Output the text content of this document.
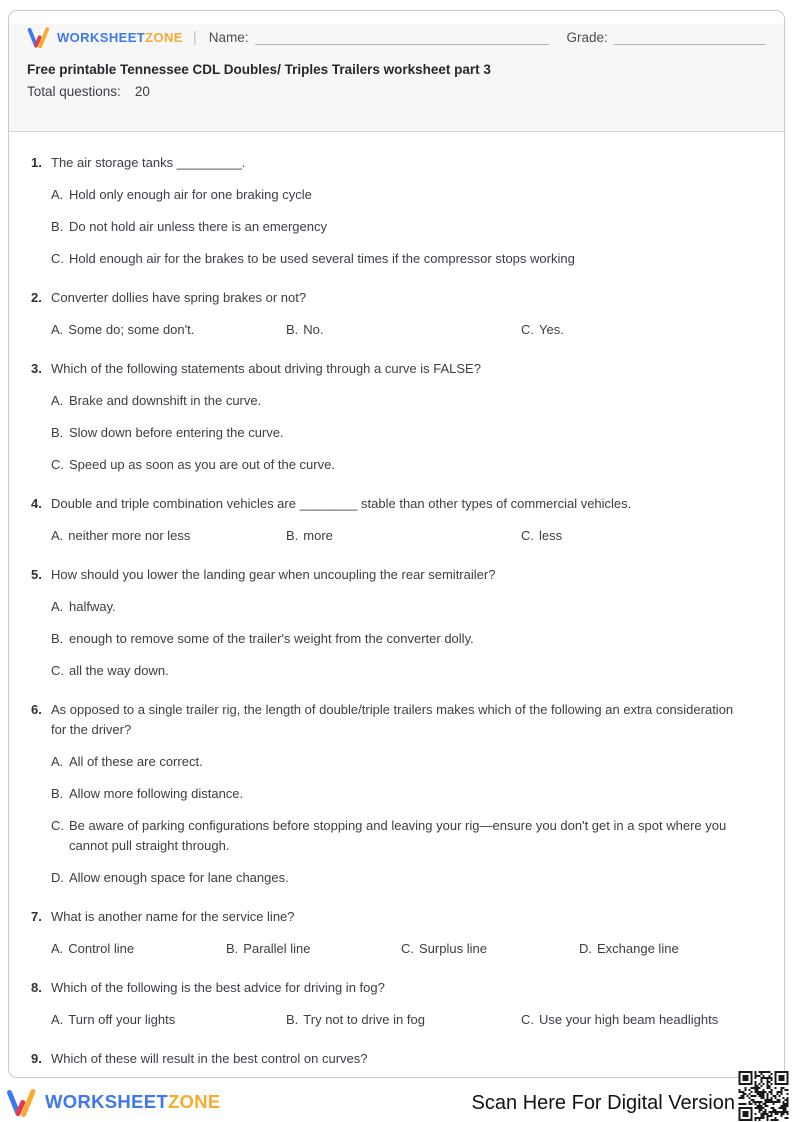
WORKSHEETZONE | Name:	Grade:
Free printable Tennessee CDL Doubles/ Triples Trailers worksheet part 3
Total questions: 20
1. The air storage tanks _________.
A. Hold only enough air for one braking cycle
B. Do not hold air unless there is an emergency
C. Hold enough air for the brakes to be used several times if the compressor stops working
2. Converter dollies have spring brakes or not?
A. Some do; some don't.	B. No.	C. Yes.
3. Which of the following statements about driving through a curve is FALSE?
A. Brake and downshift in the curve.
B. Slow down before entering the curve.
C. Speed up as soon as you are out of the curve.
4. Double and triple combination vehicles are ________ stable than other types of commercial vehicles.
A. neither more nor less	B. more	C. less
5. How should you lower the landing gear when uncoupling the rear semitrailer?
A. halfway.
B. enough to remove some of the trailer's weight from the converter dolly.
C. all the way down.
6. As opposed to a single trailer rig, the length of double/triple trailers makes which of the following an extra consideration for the driver?
A. All of these are correct.
B. Allow more following distance.
C. Be aware of parking configurations before stopping and leaving your rig—ensure you don't get in a spot where you cannot pull straight through.
D. Allow enough space for lane changes.
7. What is another name for the service line?
A. Control line	B. Parallel line	C. Surplus line	D. Exchange line
8. Which of the following is the best advice for driving in fog?
A. Turn off your lights	B. Try not to drive in fog	C. Use your high beam headlights
9. Which of these will result in the best control on curves?
WORKSHEETZONE	Scan Here For Digital Version
